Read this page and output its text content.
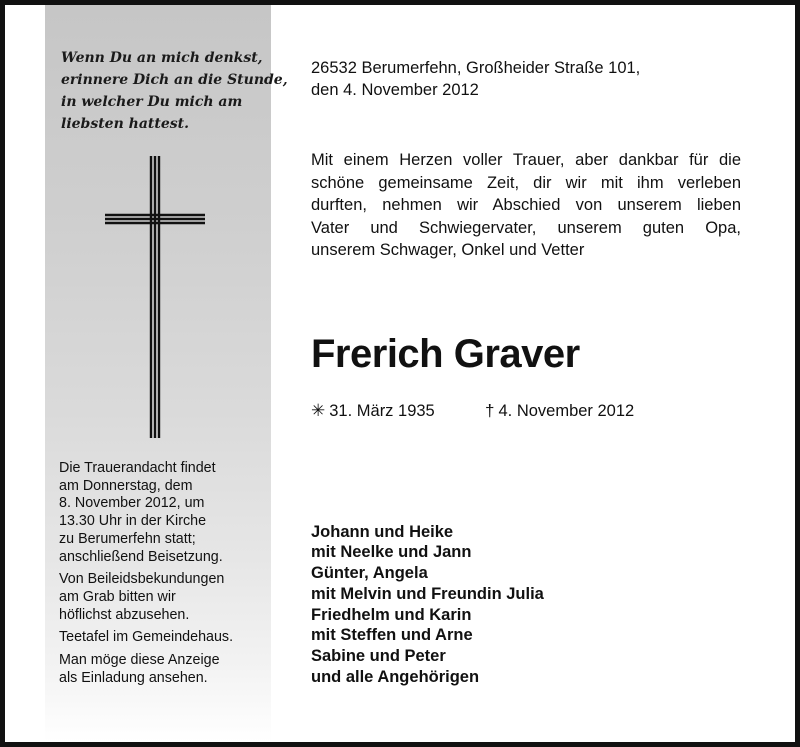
Wenn Du an mich denkst,
erinnere Dich an die Stunde,
in welcher Du mich am
liebsten hattest.

Die Trauerandacht findet
am Donnerstag, dem
8. November 2012, um
13.30 Uhr in der Kirche
zu Berumerfehn statt;
anschließend Beisetzung.

Von Beileidsbekundungen
am Grab bitten wir
höflichst abzusehen.

Teetafel im Gemeindehaus.

Man möge diese Anzeige
als Einladung ansehen.

26532 Berumerfehn, Großheider Straße 101,
den 4. November 2012
Mit einem Herzen voller Trauer, aber dankbar für die
schöne gemeinsame Zeit, dir wir mit ihm verleben
durften, nehmen wir Abschied von unserem lieben
Vater und Schwiegervater, unserem guten Opa,
unserem Schwager, Onkel und Vetter
Frerich Graver
✳ 31. März 1935	† 4. November 2012
Johann und Heike
mit Neelke und Jann
Günter, Angela
mit Melvin und Freundin Julia
Friedhelm und Karin
mit Steffen und Arne
Sabine und Peter
und alle Angehörigen
